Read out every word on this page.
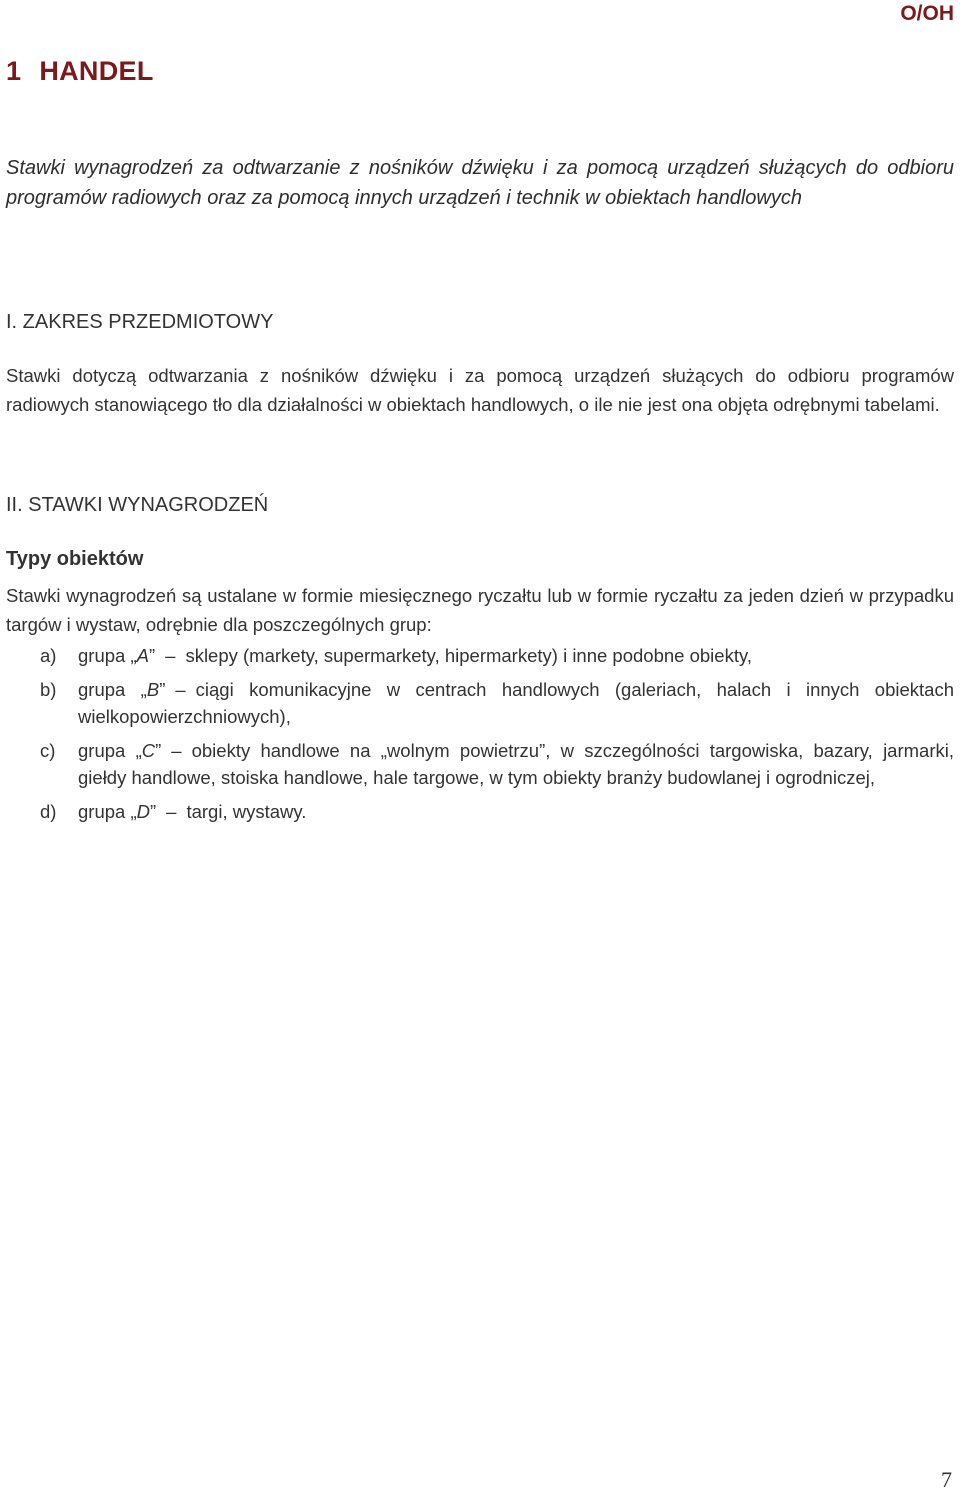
O/OH
1 HANDEL
Stawki wynagrodzeń za odtwarzanie z nośników dźwięku i za pomocą urządzeń służących do odbioru programów radiowych oraz za pomocą innych urządzeń i technik w obiektach handlowych
I. ZAKRES PRZEDMIOTOWY

Stawki dotyczą odtwarzania z nośników dźwięku i za pomocą urządzeń służących do odbioru programów radiowych stanowiącego tło dla działalności w obiektach handlowych, o ile nie jest ona objęta odrębnymi tabelami.

II. STAWKI WYNAGRODZEŃ
Typy obiektów

Stawki wynagrodzeń są ustalane w formie miesięcznego ryczałtu lub w formie ryczałtu za jeden dzień w przypadku targów i wystaw, odrębnie dla poszczególnych grup:

a) grupa „A” – sklepy (markety, supermarkety, hipermarkety) i inne podobne obiekty,
b) grupa „B” – ciągi komunikacyjne w centrach handlowych (galeriach, halach i innych obiektach wielkopowierzchniowych),
c) grupa „C” – obiekty handlowe na „wolnym powietrzu”, w szczególności targowiska, bazary, jarmarki, giełdy handlowe, stoiska handlowe, hale targowe, w tym obiekty branży budowlanej i ogrodniczej,
d) grupa „D” – targi, wystawy.
7
